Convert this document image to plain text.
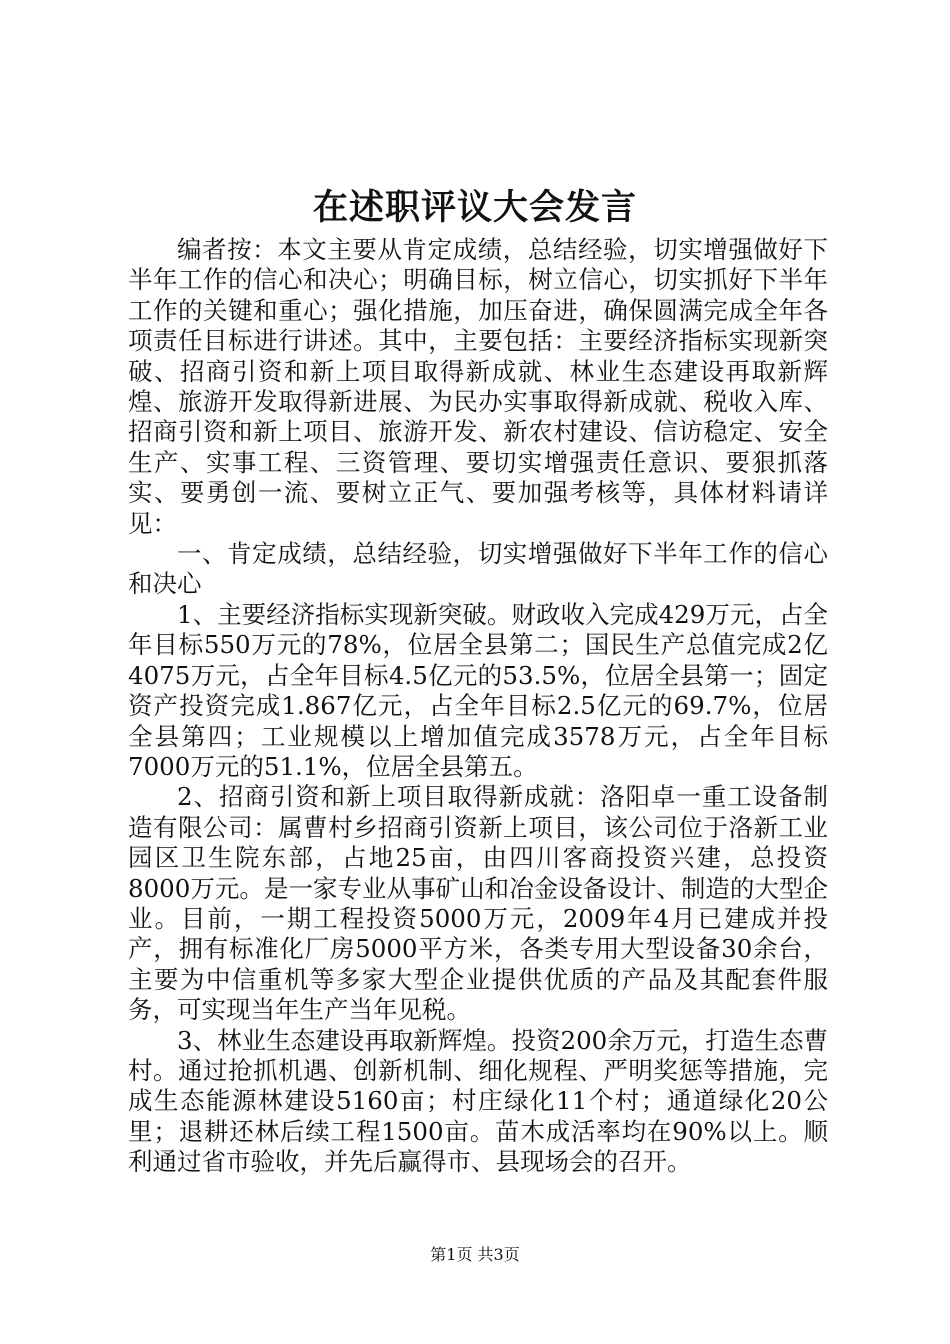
在述职评议大会发言

编者按：本文主要从肯定成绩，总结经验，切实增强做好下半年工作的信心和决心；明确目标，树立信心，切实抓好下半年工作的关键和重心；强化措施，加压奋进，确保圆满完成全年各项责任目标进行讲述。其中，主要包括：主要经济指标实现新突破、招商引资和新上项目取得新成就、林业生态建设再取新辉煌、旅游开发取得新进展、为民办实事取得新成就、税收入库、招商引资和新上项目、旅游开发、新农村建设、信访稳定、安全生产、实事工程、三资管理、要切实增强责任意识、要狠抓落实、要勇创一流、要树立正气、要加强考核等，具体材料请详见：

一、肯定成绩，总结经验，切实增强做好下半年工作的信心和决心

1、主要经济指标实现新突破。财政收入完成429万元，占全年目标550万元的78%，位居全县第二；国民生产总值完成2亿4075万元，占全年目标4.5亿元的53.5%，位居全县第一；固定资产投资完成1.867亿元，占全年目标2.5亿元的69.7%，位居全县第四；工业规模以上增加值完成3578万元，占全年目标7000万元的51.1%，位居全县第五。

2、招商引资和新上项目取得新成就：洛阳卓一重工设备制造有限公司：属曹村乡招商引资新上项目，该公司位于洛新工业园区卫生院东部，占地25亩，由四川客商投资兴建，总投资8000万元。是一家专业从事矿山和冶金设备设计、制造的大型企业。目前，一期工程投资5000万元，2009年4月已建成并投产，拥有标准化厂房5000平方米，各类专用大型设备30余台，主要为中信重机等多家大型企业提供优质的产品及其配套件服务，可实现当年生产当年见税。

3、林业生态建设再取新辉煌。投资200余万元，打造生态曹村。通过抢抓机遇、创新机制、细化规程、严明奖惩等措施，完成生态能源林建设5160亩；村庄绿化11个村；通道绿化20公里；退耕还林后续工程1500亩。苗木成活率均在90%以上。顺利通过省市验收，并先后赢得市、县现场会的召开。

第1页 共3页
